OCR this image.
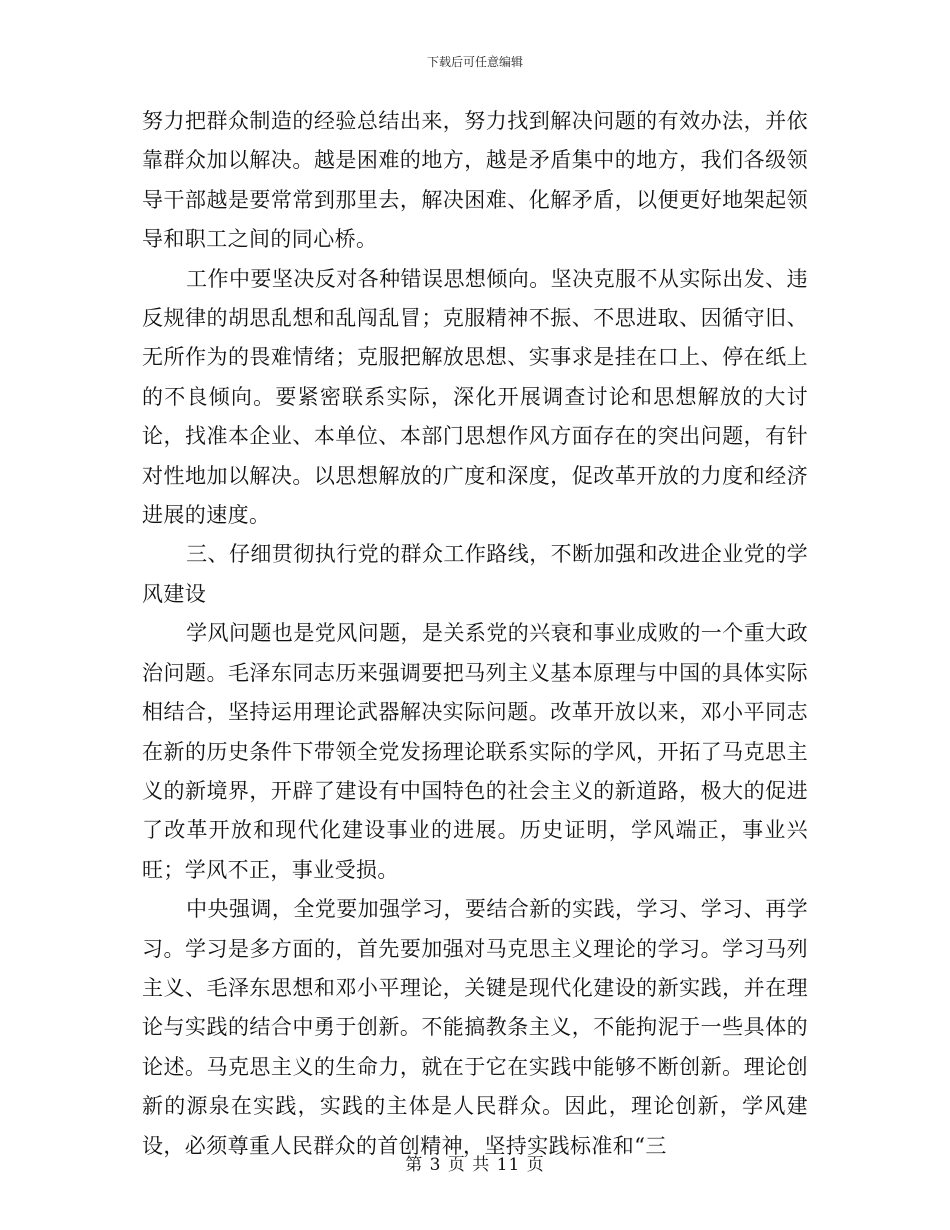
下载后可任意编辑

努力把群众制造的经验总结出来，努力找到解决问题的有效办法，并依靠群众加以解决。越是困难的地方，越是矛盾集中的地方，我们各级领导干部越是要常常到那里去，解决困难、化解矛盾，以便更好地架起领导和职工之间的同心桥。

工作中要坚决反对各种错误思想倾向。坚决克服不从实际出发、违反规律的胡思乱想和乱闯乱冒；克服精神不振、不思进取、因循守旧、无所作为的畏难情绪；克服把解放思想、实事求是挂在口上、停在纸上的不良倾向。要紧密联系实际，深化开展调查讨论和思想解放的大讨论，找准本企业、本单位、本部门思想作风方面存在的突出问题，有针对性地加以解决。以思想解放的广度和深度，促改革开放的力度和经济进展的速度。

三、仔细贯彻执行党的群众工作路线，不断加强和改进企业党的学风建设

学风问题也是党风问题，是关系党的兴衰和事业成败的一个重大政治问题。毛泽东同志历来强调要把马列主义基本原理与中国的具体实际相结合，坚持运用理论武器解决实际问题。改革开放以来，邓小平同志在新的历史条件下带领全党发扬理论联系实际的学风，开拓了马克思主义的新境界，开辟了建设有中国特色的社会主义的新道路，极大的促进了改革开放和现代化建设事业的进展。历史证明，学风端正，事业兴旺；学风不正，事业受损。

中央强调，全党要加强学习，要结合新的实践，学习、学习、再学习。学习是多方面的，首先要加强对马克思主义理论的学习。学习马列主义、毛泽东思想和邓小平理论，关键是现代化建设的新实践，并在理论与实践的结合中勇于创新。不能搞教条主义，不能拘泥于一些具体的论述。马克思主义的生命力，就在于它在实践中能够不断创新。理论创新的源泉在实践，实践的主体是人民群众。因此，理论创新，学风建设，必须尊重人民群众的首创精神，坚持实践标准和“三

第 3 页 共 11 页
